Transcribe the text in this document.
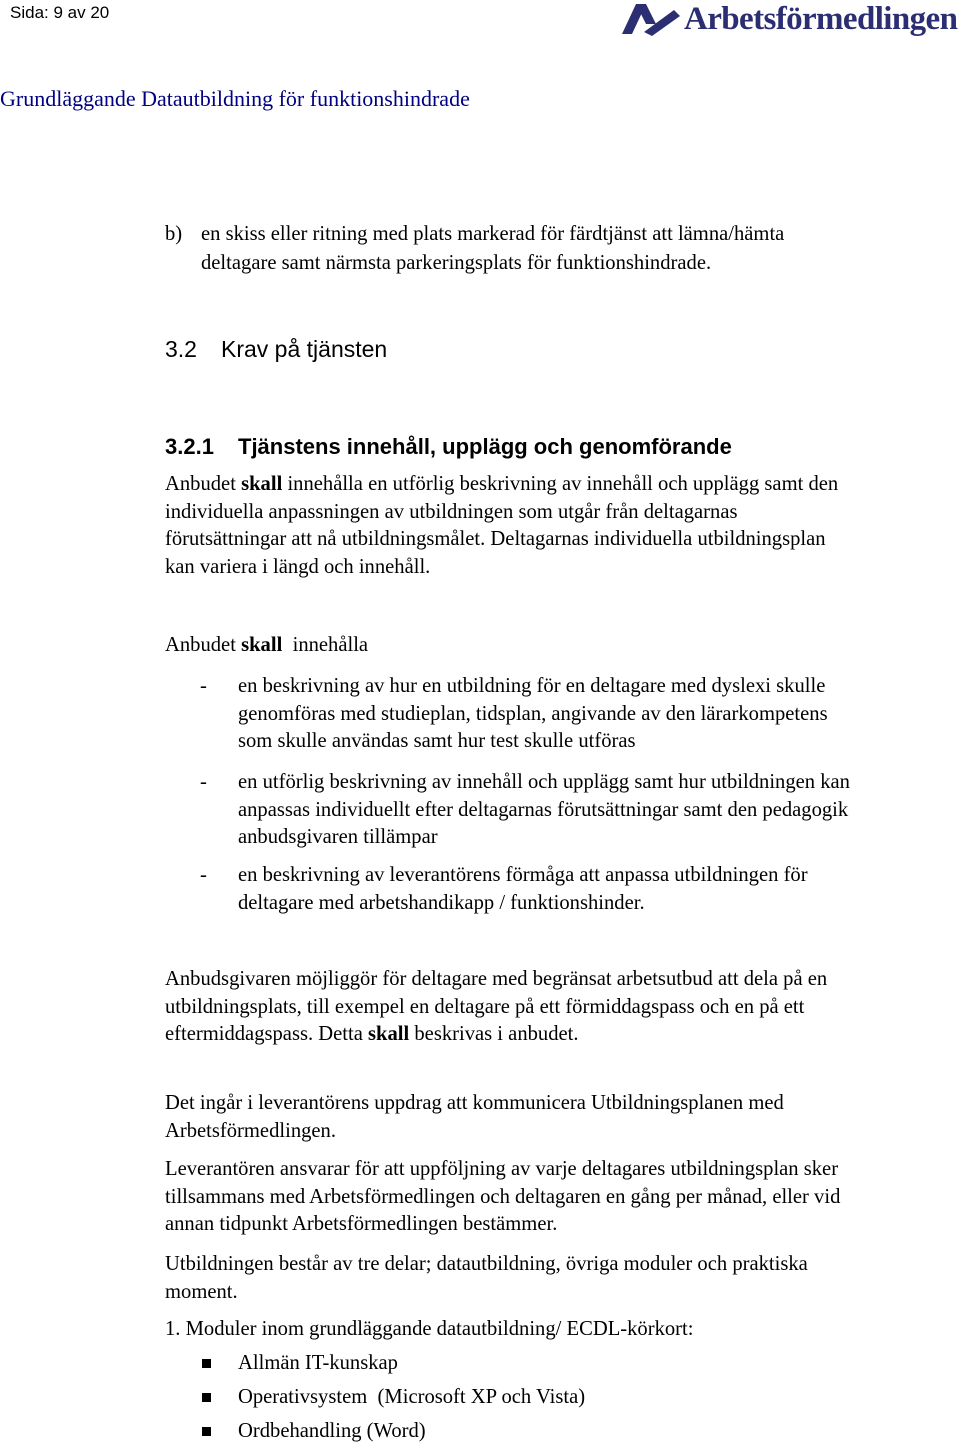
Sida: 9 av 20	Arbetsförmedlingen
Grundläggande Datautbildning för funktionshindrade
b) en skiss eller ritning med plats markerad för färdtjänst att lämna/hämta
deltagare samt närmsta parkeringsplats för funktionshindrade.
3.2 Krav på tjänsten
3.2.1 Tjänstens innehåll, upplägg och genomförande
Anbudet skall innehålla en utförlig beskrivning av innehåll och upplägg samt den
individuella anpassningen av utbildningen som utgår från deltagarnas
förutsättningar att nå utbildningsmålet. Deltagarnas individuella utbildningsplan
kan variera i längd och innehåll.
Anbudet skall  innehålla
- en beskrivning av hur en utbildning för en deltagare med dyslexi skulle
genomföras med studieplan, tidsplan, angivande av den lärarkompetens
som skulle användas samt hur test skulle utföras
- en utförlig beskrivning av innehåll och upplägg samt hur utbildningen kan
anpassas individuellt efter deltagarnas förutsättningar samt den pedagogik
anbudsgivaren tillämpar
- en beskrivning av leverantörens förmåga att anpassa utbildningen för
deltagare med arbetshandikapp / funktionshinder.
Anbudsgivaren möjliggör för deltagare med begränsat arbetsutbud att dela på en
utbildningsplats, till exempel en deltagare på ett förmiddagspass och en på ett
eftermiddagspass. Detta skall beskrivas i anbudet.
Det ingår i leverantörens uppdrag att kommunicera Utbildningsplanen med
Arbetsförmedlingen.
Leverantören ansvarar för att uppföljning av varje deltagares utbildningsplan sker
tillsammans med Arbetsförmedlingen och deltagaren en gång per månad, eller vid
annan tidpunkt Arbetsförmedlingen bestämmer.
Utbildningen består av tre delar; datautbildning, övriga moduler och praktiska
moment.
1. Moduler inom grundläggande datautbildning/ ECDL-körkort:
Allmän IT-kunskap
Operativsystem  (Microsoft XP och Vista)
Ordbehandling (Word)
